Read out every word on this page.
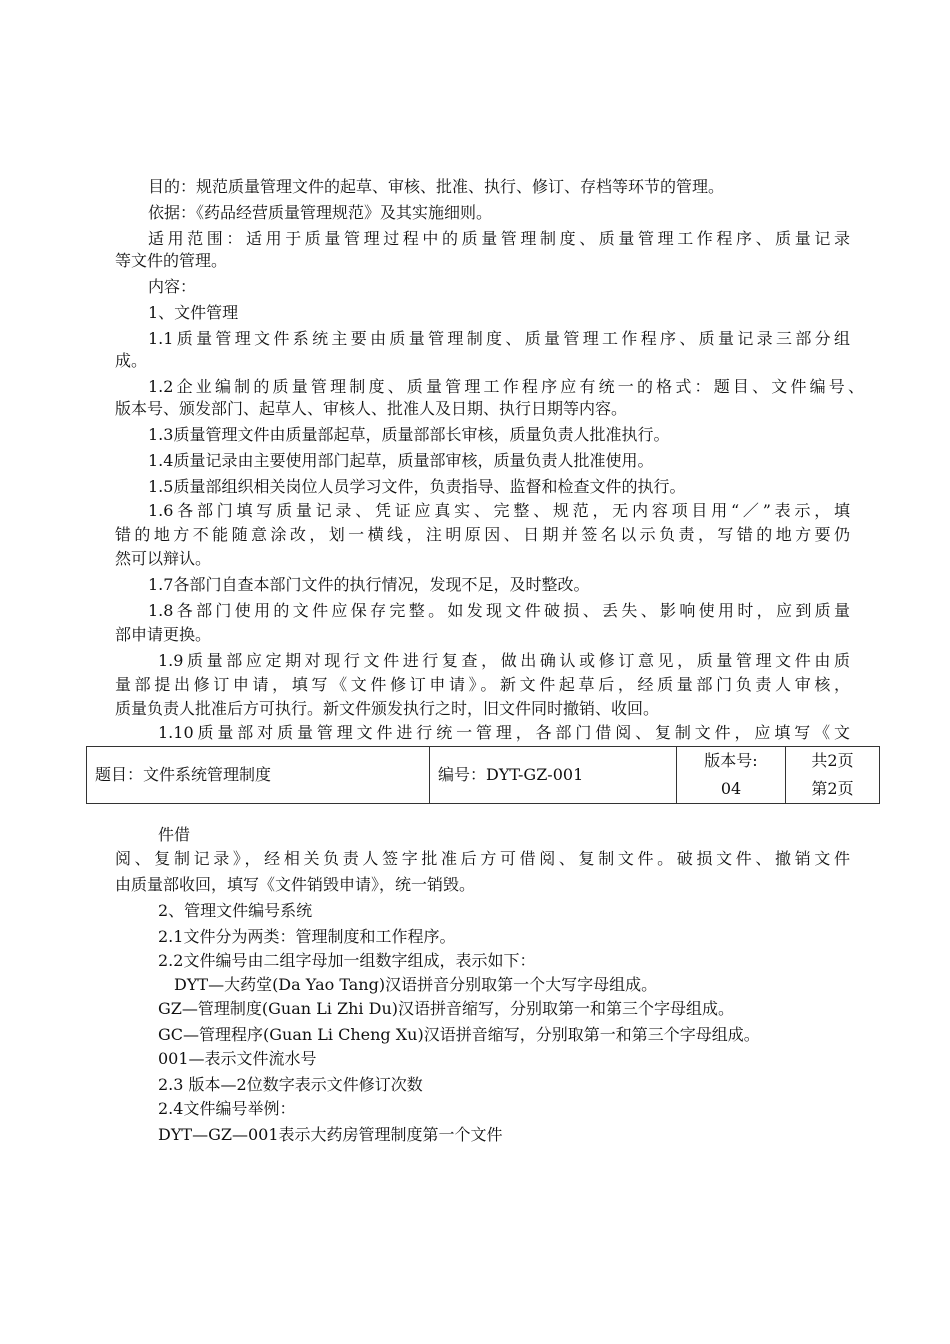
目的：规范质量管理文件的起草、审核、批准、执行、修订、存档等环节的管理。
依据：《药品经营质量管理规范》及其实施细则。
适用范围：适用于质量管理过程中的质量管理制度、质量管理工作程序、质量记录
等文件的管理。
内容：
1、文件管理
1.1质量管理文件系统主要由质量管理制度、质量管理工作程序、质量记录三部分组
成。
1.2企业编制的质量管理制度、质量管理工作程序应有统一的格式：题目、文件编号、
版本号、颁发部门、起草人、审核人、批准人及日期、执行日期等内容。
1.3质量管理文件由质量部起草，质量部部长审核，质量负责人批准执行。
1.4质量记录由主要使用部门起草，质量部审核，质量负责人批准使用。
1.5质量部组织相关岗位人员学习文件，负责指导、监督和检查文件的执行。
1.6各部门填写质量记录、凭证应真实、完整、规范，无内容项目用“／”表示，填
错的地方不能随意涂改，划一横线，注明原因、日期并签名以示负责，写错的地方要仍
然可以辩认。
1.7各部门自查本部门文件的执行情况，发现不足，及时整改。
1.8各部门使用的文件应保存完整。如发现文件破损、丢失、影响使用时，应到质量
部申请更换。
1.9质量部应定期对现行文件进行复查，做出确认或修订意见，质量管理文件由质
量部提出修订申请，填写《文件修订申请》。新文件起草后，经质量部门负责人审核，
质量负责人批准后方可执行。新文件颁发执行之时，旧文件同时撤销、收回。
1.10质量部对质量管理文件进行统一管理，各部门借阅、复制文件，应填写《文
题目：文件系统管理制度	编号：DYT-GZ-001	版本号:	共2页
		04	第2页
件借
阅、复制记录》，经相关负责人签字批准后方可借阅、复制文件。破损文件、撤销文件
由质量部收回，填写《文件销毁申请》，统一销毁。
2、管理文件编号系统
2.1文件分为两类：管理制度和工作程序。
2.2文件编号由二组字母加一组数字组成，表示如下：
DYT—大药堂(Da Yao Tang)汉语拼音分别取第一个大写字母组成。
GZ—管理制度(Guan Li Zhi Du)汉语拼音缩写，分别取第一和第三个字母组成。
GC—管理程序(Guan Li Cheng Xu)汉语拼音缩写，分别取第一和第三个字母组成。
001—表示文件流水号
2.3 版本—2位数字表示文件修订次数
2.4文件编号举例：
DYT—GZ—001表示大药房管理制度第一个文件
